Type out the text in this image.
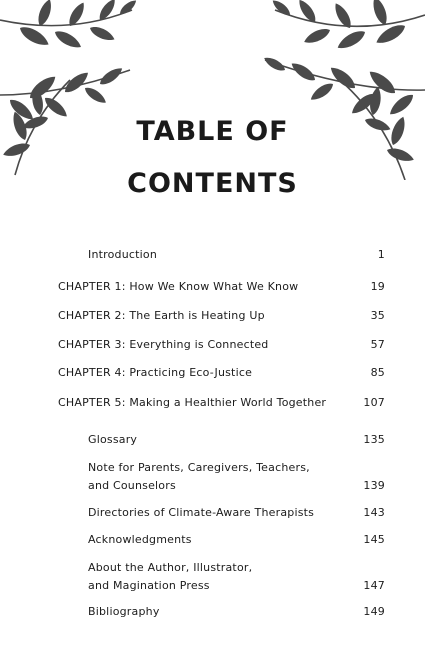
TABLE OF
CONTENTS
Introduction	1
CHAPTER 1: How We Know What We Know	19
CHAPTER 2: The Earth is Heating Up	35
CHAPTER 3: Everything is Connected	57
CHAPTER 4: Practicing Eco-Justice	85
CHAPTER 5: Making a Healthier World Together	107
Glossary	135
Note for Parents, Caregivers, Teachers,
and Counselors	139
Directories of Climate-Aware Therapists	143
Acknowledgments	145
About the Author, Illustrator,
and Magination Press	147
Bibliography	149
